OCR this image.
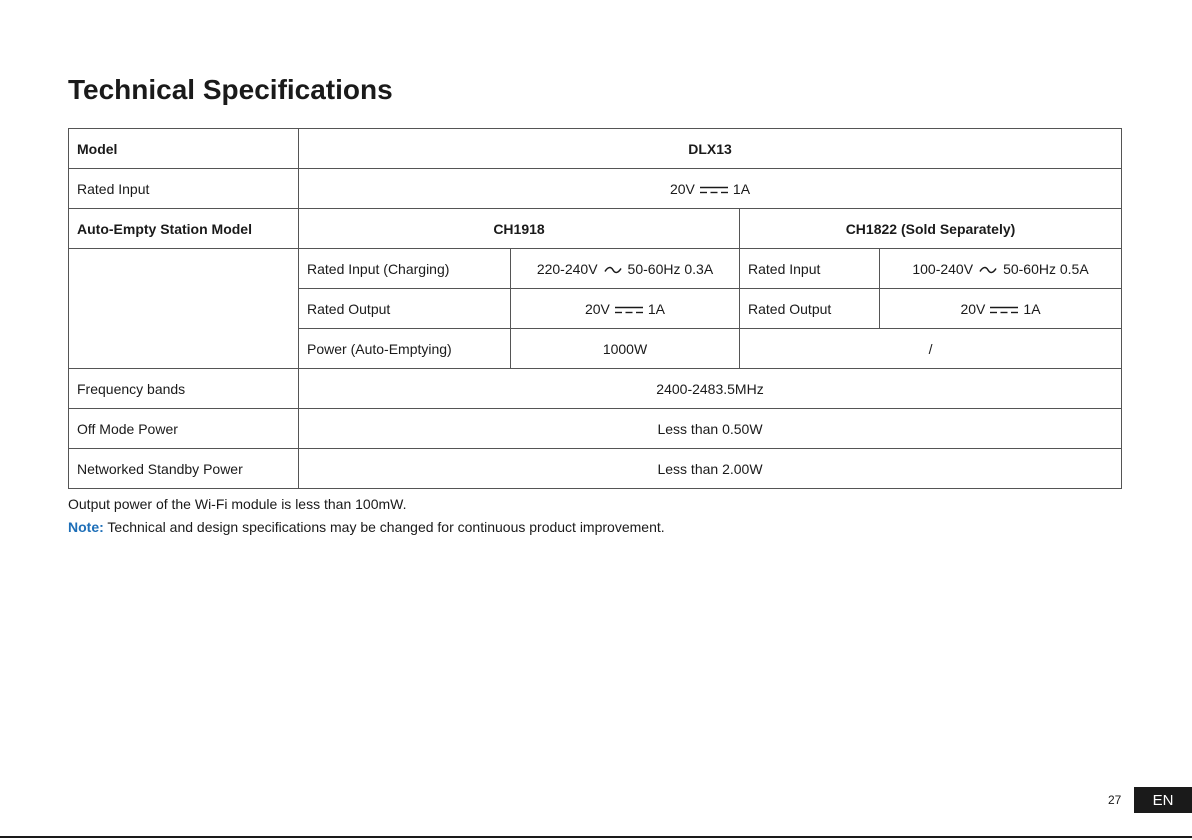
Technical Specifications
Model	DLX13			
Rated Input	20V 1A			
Auto-Empty Station Model	CH1918		CH1822 (Sold Separately)	
	Rated Input (Charging)	220-240V 50-60Hz 0.3A	Rated Input	100-240V 50-60Hz 0.5A
	Rated Output	20V 1A	Rated Output	20V 1A
	Power (Auto-Emptying)	1000W	/	
Frequency bands	2400-2483.5MHz			
Off Mode Power	Less than 0.50W			
Networked Standby Power	Less than 2.00W			

Output power of the Wi-Fi module is less than 100mW.

Note: Technical and design specifications may be changed for continuous product improvement.

27	EN
